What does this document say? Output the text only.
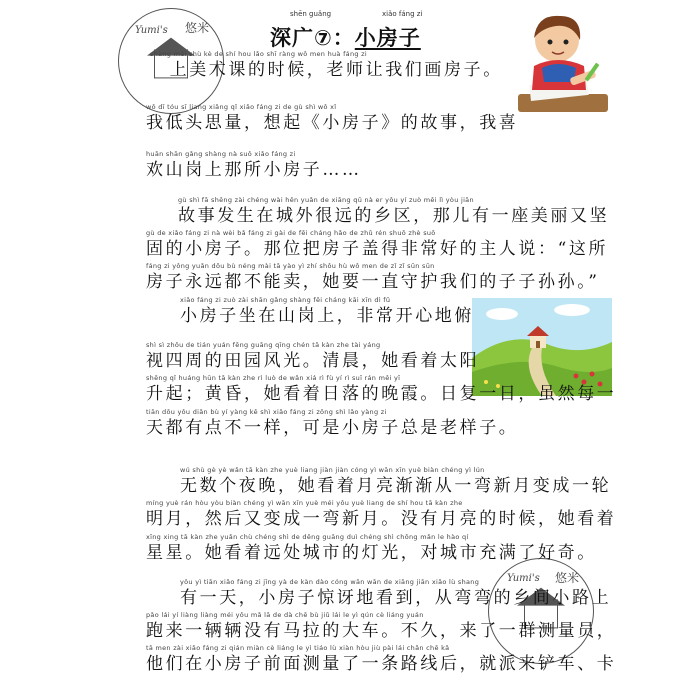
Yumi's 悠米
Yumi's 悠米
shēn guǎng	xiǎo fáng zi
深广⑦：小房子
shàng měi shù kè de shí hou lǎo shī ràng wǒ men huà fáng zi
　上美术课的时候，老师让我们画房子。
wǒ dī tóu sī liang xiǎng qǐ xiǎo fáng zi de gù shì wǒ xǐ
我低头思量，想起《小房子》的故事，我喜
huān shān gǎng shàng nà suǒ xiǎo fáng zi
欢山岗上那所小房子……
gù shì fā shēng zài chéng wài hěn yuǎn de xiāng qū nà er yǒu yí zuò měi lì yòu jiān
故事发生在城外很远的乡区，那儿有一座美丽又坚
gù de xiǎo fáng zi nà wèi bǎ fáng zi gài de fēi cháng hǎo de zhǔ rén shuō zhè suǒ
固的小房子。那位把房子盖得非常好的主人说：“这所
fáng zi yǒng yuǎn dōu bù néng mài tā yào yì zhí shǒu hù wǒ men de zǐ zǐ sūn sūn
房子永远都不能卖，她要一直守护我们的子子孙孙。”
xiǎo fáng zi zuò zài shān gǎng shàng fēi cháng kāi xīn dì fǔ
小房子坐在山岗上，非常开心地俯
shì sì zhōu de tián yuán fēng guāng qīng chén tā kàn zhe tài yáng
视四周的田园风光。清晨，她看着太阳
shēng qǐ huáng hūn tā kàn zhe rì luò de wǎn xiá rì fù yí rì suī rán měi yī
升起；黄昏，她看着日落的晚霞。日复一日，虽然每一
tiān dōu yǒu diǎn bù yí yàng kě shì xiǎo fáng zi zǒng shì lǎo yàng zi
天都有点不一样，可是小房子总是老样子。
wú shù gè yè wǎn tā kàn zhe yuè liang jiàn jiàn cóng yì wān xīn yuè biàn chéng yì lún
无数个夜晚，她看着月亮渐渐从一弯新月变成一轮
míng yuè rán hòu yòu biàn chéng yì wān xīn yuè méi yǒu yuè liang de shí hou tā kàn zhe
明月，然后又变成一弯新月。没有月亮的时候，她看着
xīng xing tā kàn zhe yuǎn chù chéng shì de dēng guāng duì chéng shì chōng mǎn le hào qí
星星。她看着远处城市的灯光，对城市充满了好奇。
yǒu yì tiān xiǎo fáng zi jīng yà de kàn dào cóng wān wān de xiāng jiān xiǎo lù shang
有一天，小房子惊讶地看到，从弯弯的乡间小路上
pǎo lái yí liàng liàng méi yǒu mǎ lā de dà chē bù jiǔ lái le yì qún cè liáng yuán
跑来一辆辆没有马拉的大车。不久，来了一群测量员，
tā men zài xiǎo fáng zi qián miàn cè liáng le yì tiáo lù xiàn hòu jiù pài lái chǎn chē kǎ
他们在小房子前面测量了一条路线后，就派来铲车、卡
